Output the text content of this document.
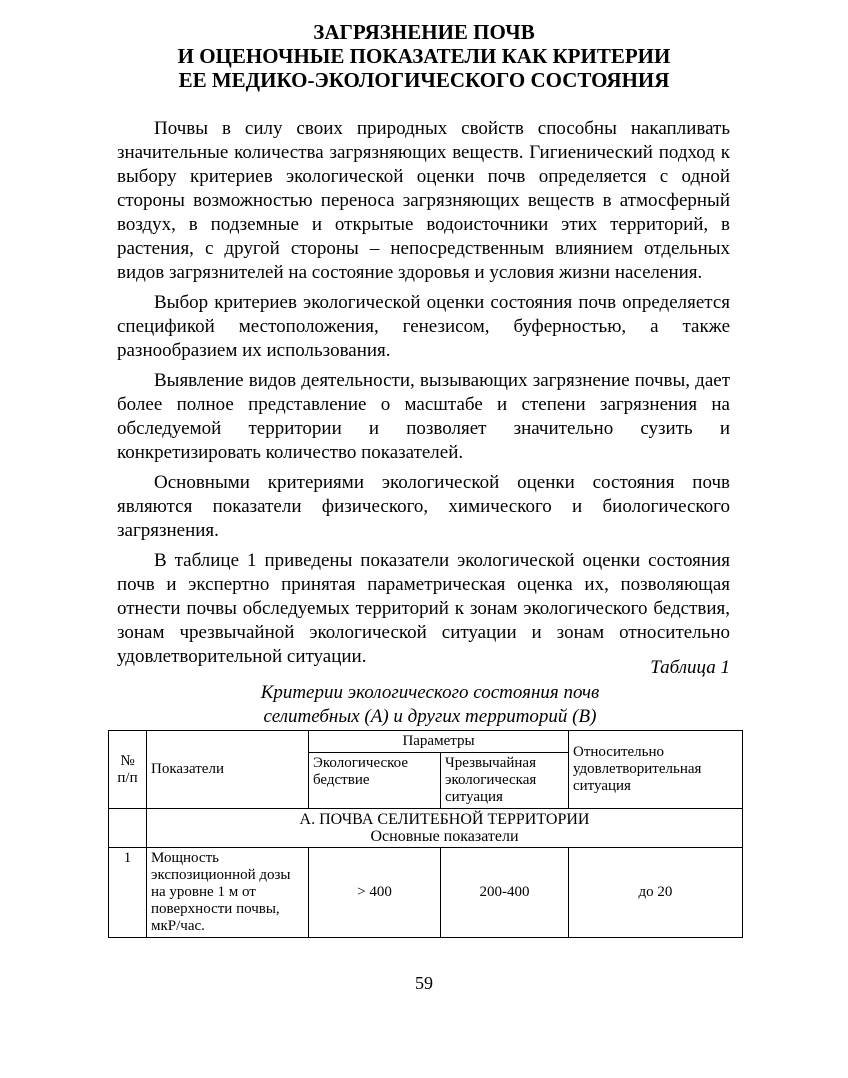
ЗАГРЯЗНЕНИЕ ПОЧВ
И ОЦЕНОЧНЫЕ ПОКАЗАТЕЛИ КАК КРИТЕРИИ
ЕЕ МЕДИКО-ЭКОЛОГИЧЕСКОГО СОСТОЯНИЯ

Почвы в силу своих природных свойств способны накапливать значительные количества загрязняющих веществ. Гигиенический подход к выбору критериев экологической оценки почв определяется с одной стороны возможностью переноса загрязняющих веществ в атмосферный воздух, в подземные и открытые водоисточники этих территорий, в растения, с другой стороны – непосредственным влиянием отдельных видов загрязнителей на состояние здоровья и условия жизни населения.

Выбор критериев экологической оценки состояния почв определяется спецификой местоположения, генезисом, буферностью, а также разнообразием их использования.

Выявление видов деятельности, вызывающих загрязнение почвы, дает более полное представление о масштабе и степени загрязнения на обследуемой территории и позволяет значительно сузить и конкретизировать количество показателей.

Основными критериями экологической оценки состояния почв являются показатели физического, химического и биологического загрязнения.

В таблице 1 приведены показатели экологической оценки состояния почв и экспертно принятая параметрическая оценка их, позволяющая отнести почвы обследуемых территорий к зонам экологического бедствия, зонам чрезвычайной экологической ситуации и зонам относительно удовлетворительной ситуации.

Таблица 1
Критерии экологического состояния почв
селитебных (А) и других территорий (В)
№ п/п	Показатели	Параметры		Относительно удовлетворительная ситуация
		Экологическое бедствие	Чрезвычайная экологическая ситуация	

	А. ПОЧВА СЕЛИТЕБНОЙ ТЕРРИТОРИИ
Основные показатели			

1	Мощность экспозиционной дозы на уровне 1 м от поверхности почвы, мкР/час.	> 400	200-400	до 20
59
